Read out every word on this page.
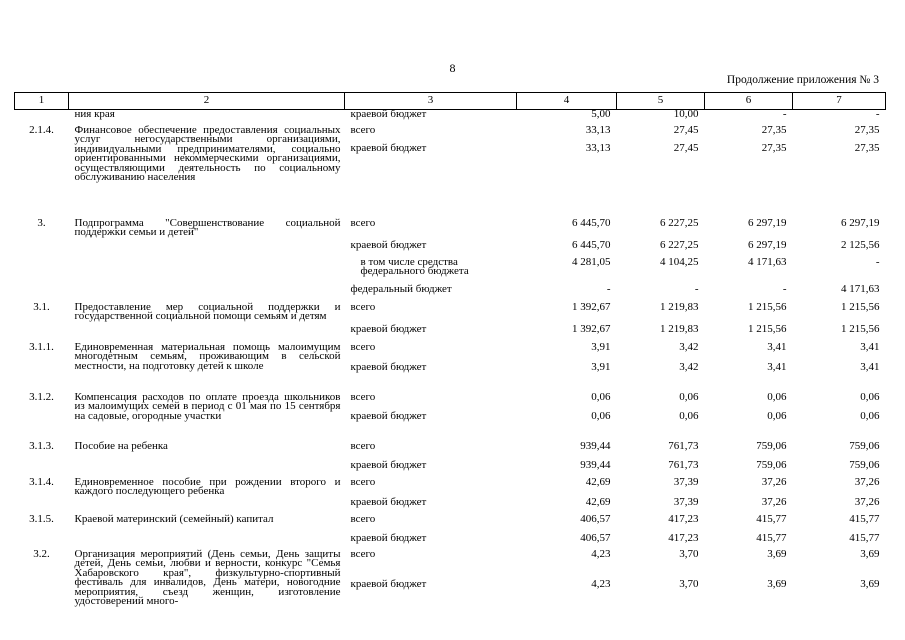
8
Продолжение приложения № 3
1	2	3	4	5	6	7
	ния края	краевой бюджет	5,00	10,00	-	-
2.1.4.	Финансовое обеспечение предоставления социальных услуг негосударственными организациями, индивидуальными предпринимателями, социально ориентированными некоммерческими организациями, осуществляющими деятельность по социальному обслуживанию населения	всего	33,13	27,45	27,35	27,35
		краевой бюджет	33,13	27,45	27,35	27,35
3.	Подпрограмма "Совершенствование социальной поддержки семьи и детей"	всего	6 445,70	6 227,25	6 297,19	6 297,19
		краевой бюджет	6 445,70	6 227,25	6 297,19	2 125,56
		в том числе средства федерального бюджета	4 281,05	4 104,25	4 171,63	-
		федеральный бюджет	-	-	-	4 171,63
3.1.	Предоставление мер социальной поддержки и государственной социальной помощи семьям и детям	всего	1 392,67	1 219,83	1 215,56	1 215,56
		краевой бюджет	1 392,67	1 219,83	1 215,56	1 215,56
3.1.1.	Единовременная материальная помощь малоимущим многодетным семьям, проживающим в сельской местности, на подготовку детей к школе	всего	3,91	3,42	3,41	3,41
		краевой бюджет	3,91	3,42	3,41	3,41
3.1.2.	Компенсация расходов по оплате проезда школьников из малоимущих семей в период с 01 мая по 15 сентября на садовые, огородные участки	всего	0,06	0,06	0,06	0,06
		краевой бюджет	0,06	0,06	0,06	0,06
3.1.3.	Пособие на ребенка	всего	939,44	761,73	759,06	759,06
		краевой бюджет	939,44	761,73	759,06	759,06
3.1.4.	Единовременное пособие при рождении второго и каждого последующего ребенка	всего	42,69	37,39	37,26	37,26
		краевой бюджет	42,69	37,39	37,26	37,26
3.1.5.	Краевой материнский (семейный) капитал	всего	406,57	417,23	415,77	415,77
		краевой бюджет	406,57	417,23	415,77	415,77
3.2.	Организация мероприятий (День семьи, День защиты детей, День семьи, любви и верности, конкурс "Семья Хабаровского края", физкультурно-спортивный фестиваль для инвалидов, День матери, новогодние мероприятия, съезд женщин, изготовление удостоверений много-	всего	4,23	3,70	3,69	3,69
		краевой бюджет	4,23	3,70	3,69	3,69
